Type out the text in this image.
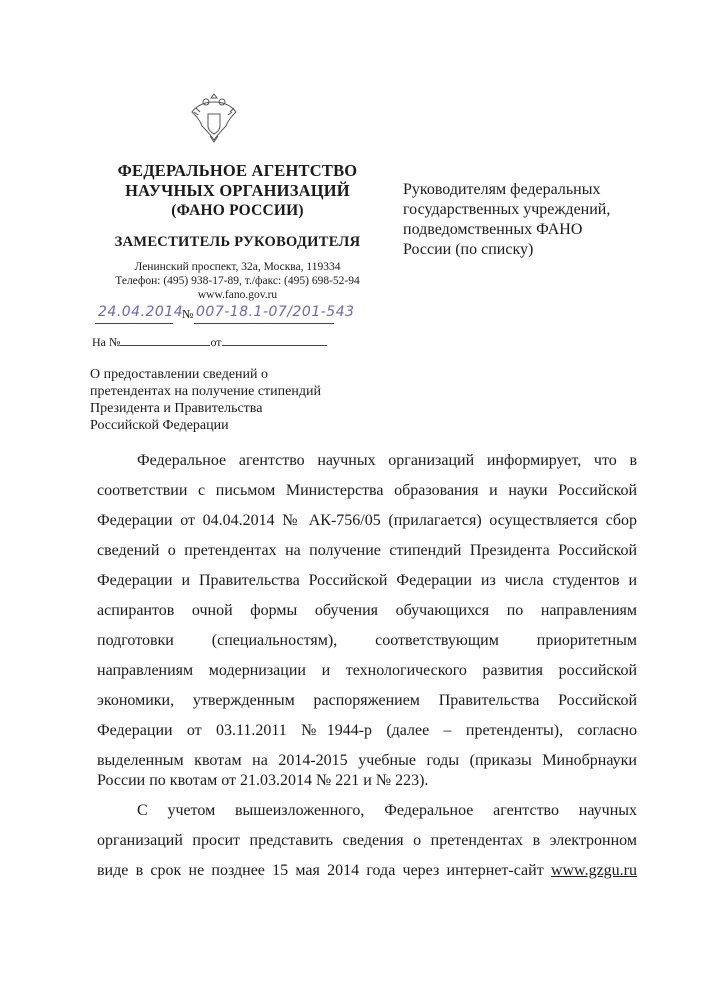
ФЕДЕРАЛЬНОЕ АГЕНТСТВО
НАУЧНЫХ ОРГАНИЗАЦИЙ
(ФАНО РОССИИ)
ЗАМЕСТИТЕЛЬ РУКОВОДИТЕЛЯ
Ленинский проспект, 32а, Москва, 119334
Телефон: (495) 938-17-89, т./факс: (495) 698-52-94
www.fano.gov.ru
24.04.2014
№ 007-18.1-07/201-543
На №	от
О предоставлении сведений о
претендентах на получение стипендий
Президента и Правительства
Российской Федерации
Руководителям федеральных
государственных учреждений,
подведомственных ФАНО
России (по списку)
Федеральное агентство научных организаций информирует, что в
соответствии с письмом Министерства образования и науки Российской
Федерации от 04.04.2014 № АК-756/05 (прилагается) осуществляется сбор
сведений о претендентах на получение стипендий Президента Российской
Федерации и Правительства Российской Федерации из числа студентов и
аспирантов очной формы обучения обучающихся по направлениям
подготовки (специальностям), соответствующим приоритетным
направлениям модернизации и технологического развития российской
экономики, утвержденным распоряжением Правительства Российской
Федерации от 03.11.2011 №1944-р (далее – претенденты), согласно
выделенным квотам на 2014-2015 учебные годы (приказы Минобрнауки
России по квотам от 21.03.2014 № 221 и № 223).
С учетом вышеизложенного, Федеральное агентство научных
организаций просит представить сведения о претендентах в электронном
виде в срок не позднее 15 мая 2014 года через интернет-сайт www.gzgu.ru
